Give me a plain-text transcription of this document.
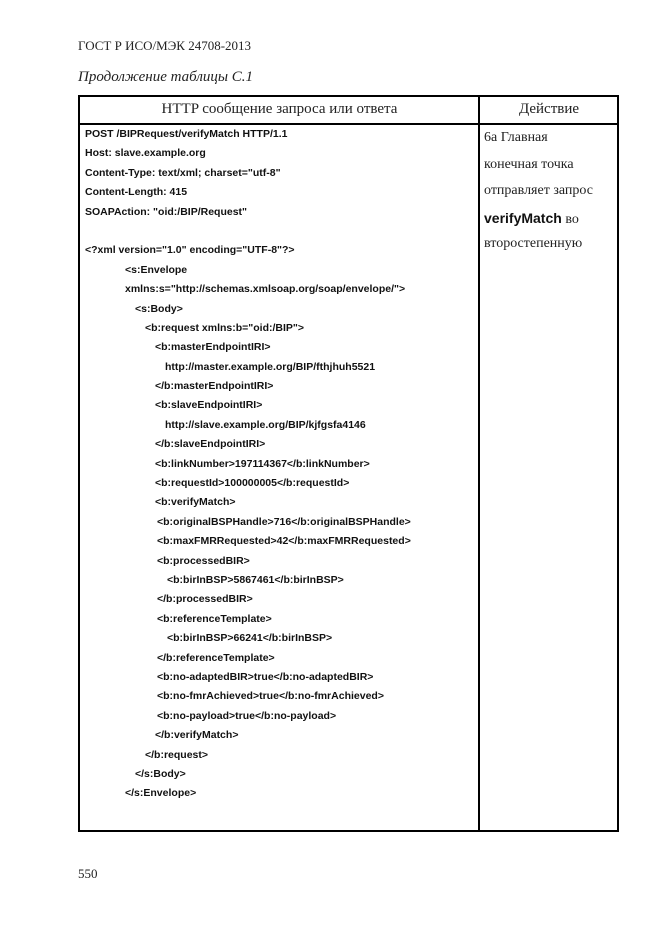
ГОСТ Р ИСО/МЭК 24708-2013
Продолжение таблицы С.1
HTTP сообщение запроса или ответа	Действие
POST /BIPRequest/verifyMatch HTTP/1.1
Host: slave.example.org
Content-Type: text/xml; charset="utf-8"
Content-Length: 415
SOAPAction: "oid:/BIP/Request"
<?xml version="1.0" encoding="UTF-8"?>
<s:Envelope
xmlns:s="http://schemas.xmlsoap.org/soap/envelope/">
<s:Body>
<b:request xmlns:b="oid:/BIP">
<b:masterEndpointIRI>
http://master.example.org/BIP/fthjhuh5521
</b:masterEndpointIRI>
<b:slaveEndpointIRI>
http://slave.example.org/BIP/kjfgsfa4146
</b:slaveEndpointIRI>
<b:linkNumber>197114367</b:linkNumber>
<b:requestId>100000005</b:requestId>
<b:verifyMatch>
<b:originalBSPHandle>716</b:originalBSPHandle>
<b:maxFMRRequested>42</b:maxFMRRequested>
<b:processedBIR>
<b:birInBSP>5867461</b:birInBSP>
</b:processedBIR>
<b:referenceTemplate>
<b:birInBSP>66241</b:birInBSP>
</b:referenceTemplate>
<b:no-adaptedBIR>true</b:no-adaptedBIR>
<b:no-fmrAchieved>true</b:no-fmrAchieved>
<b:no-payload>true</b:no-payload>
</b:verifyMatch>
</b:request>
</s:Body>
</s:Envelope>
6а Главная
конечная точка
отправляет запрос
verifyMatch во
второстепенную
550
